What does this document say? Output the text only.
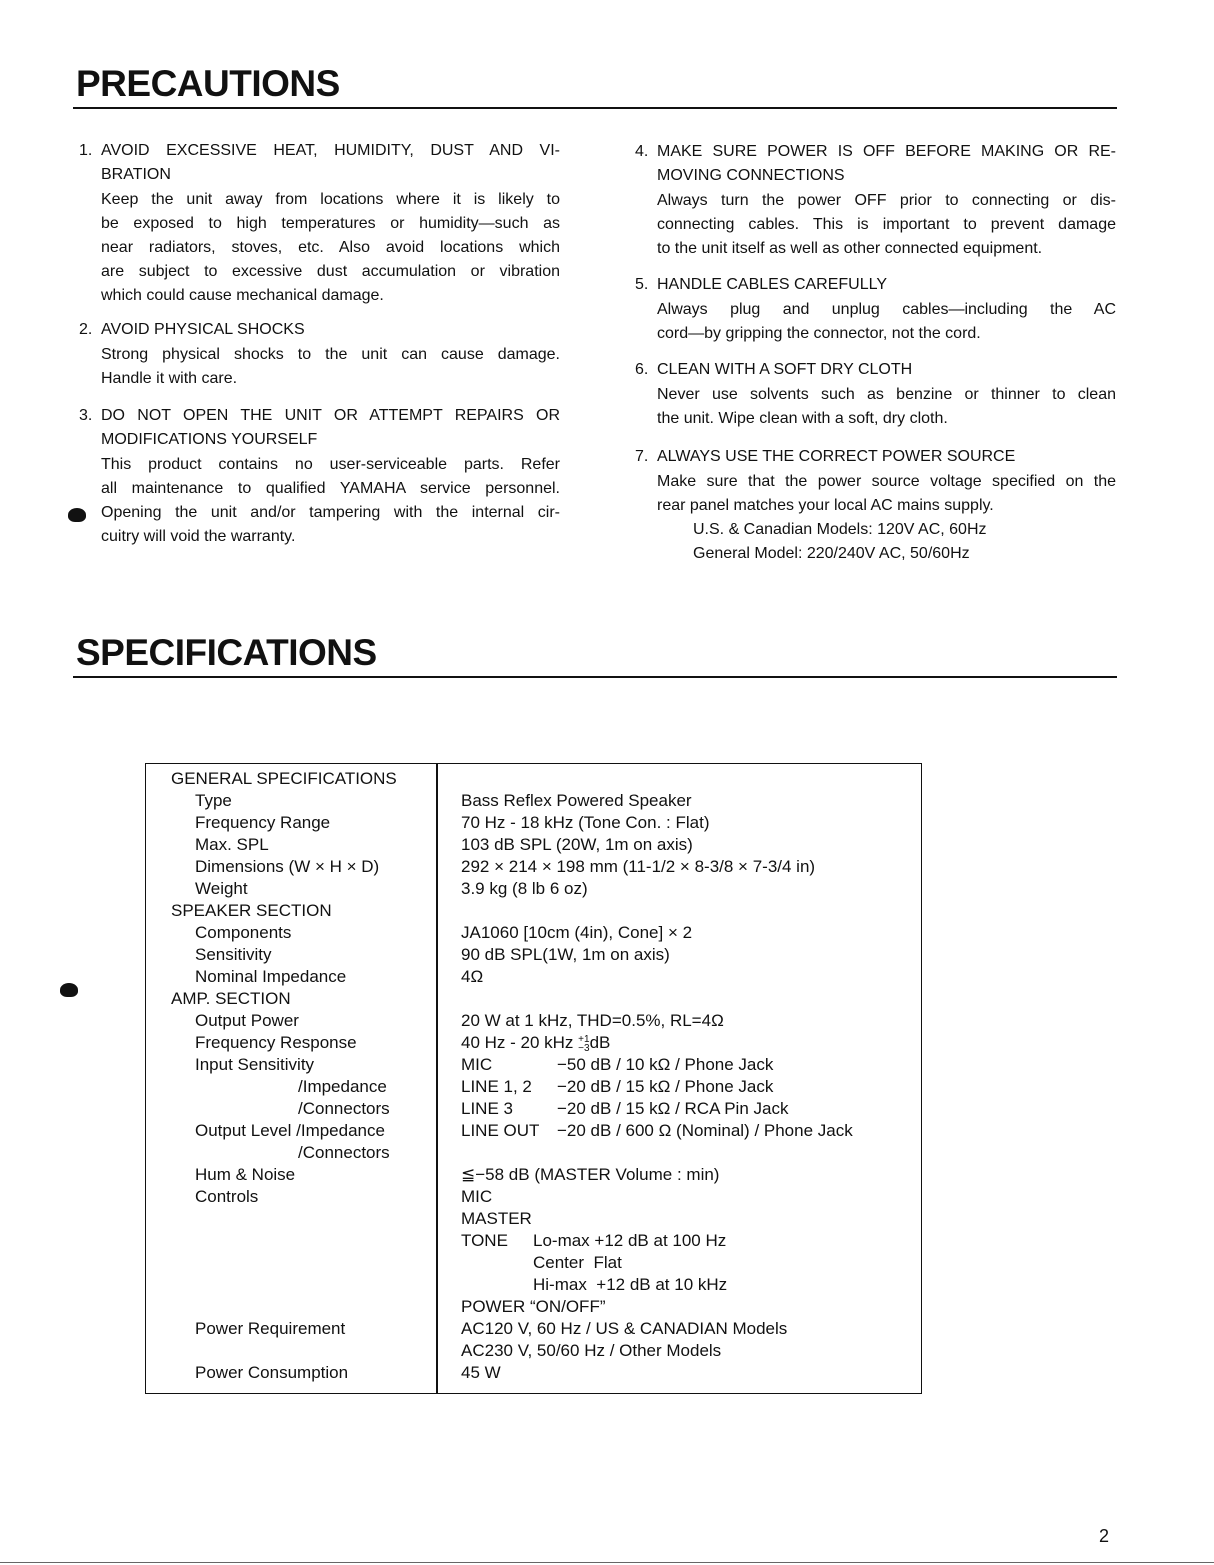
PRECAUTIONS
1. AVOID EXCESSIVE HEAT, HUMIDITY, DUST AND VI-
BRATION
Keep the unit away from locations where it is likely to
be exposed to high temperatures or humidity—such as
near radiators, stoves, etc. Also avoid locations which
are subject to excessive dust accumulation or vibration
which could cause mechanical damage.
2. AVOID PHYSICAL SHOCKS
Strong physical shocks to the unit can cause damage.
Handle it with care.
3. DO NOT OPEN THE UNIT OR ATTEMPT REPAIRS OR
MODIFICATIONS YOURSELF
This product contains no user-serviceable parts. Refer
all maintenance to qualified YAMAHA service personnel.
Opening the unit and/or tampering with the internal cir-
cuitry will void the warranty.
4. MAKE SURE POWER IS OFF BEFORE MAKING OR RE-
MOVING CONNECTIONS
Always turn the power OFF prior to connecting or dis-
connecting cables. This is important to prevent damage
to the unit itself as well as other connected equipment.
5. HANDLE CABLES CAREFULLY
Always plug and unplug cables—including the AC
cord—by gripping the connector, not the cord.
6. CLEAN WITH A SOFT DRY CLOTH
Never use solvents such as benzine or thinner to clean
the unit. Wipe clean with a soft, dry cloth.
7. ALWAYS USE THE CORRECT POWER SOURCE
Make sure that the power source voltage specified on the
rear panel matches your local AC mains supply.
U.S. & Canadian Models: 120V AC, 60Hz
General Model: 220/240V AC, 50/60Hz
SPECIFICATIONS
GENERAL SPECIFICATIONS
Type
Frequency Range
Max. SPL
Dimensions (W × H × D)
Weight
SPEAKER SECTION
Components
Sensitivity
Nominal Impedance
AMP. SECTION
Output Power
Frequency Response
Input Sensitivity
/Impedance
/Connectors
Output Level /Impedance
/Connectors
Hum & Noise
Controls
Power Requirement
Power Consumption
Bass Reflex Powered Speaker
70 Hz - 18 kHz (Tone Con. : Flat)
103 dB SPL (20W, 1m on axis)
292 × 214 × 198 mm (11-1/2 × 8-3/8 × 7-3/4 in)
3.9 kg (8 lb 6 oz)
JA1060 [10cm (4in), Cone] × 2
90 dB SPL(1W, 1m on axis)
4Ω
20 W at 1 kHz, THD=0.5%, RL=4Ω
40 Hz - 20 kHz +1
−3dB
MIC	−50 dB / 10 kΩ / Phone Jack
LINE 1, 2 −20 dB / 15 kΩ / Phone Jack
LINE 3	−20 dB / 15 kΩ / RCA Pin Jack
LINE OUT −20 dB / 600 Ω (Nominal) / Phone Jack
≦−58 dB (MASTER Volume : min)
MIC
MASTER
TONE Lo-max +12 dB at 100 Hz
Center  Flat
Hi-max  +12 dB at 10 kHz
POWER “ON/OFF”
AC120 V, 60 Hz / US & CANADIAN Models
AC230 V, 50/60 Hz / Other Models
45 W
2
